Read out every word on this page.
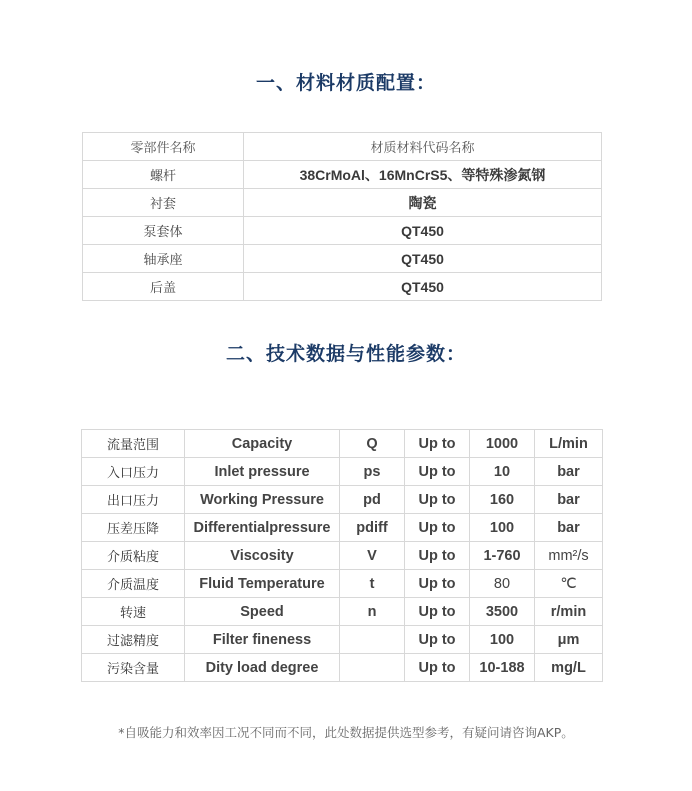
一、材料材质配置：
零部件名称	材质材料代码名称
螺杆	38CrMoAl、16MnCrS5、等特殊渗氮钢
衬套	陶瓷
泵套体	QT450
轴承座	QT450
后盖	QT450
二、技术数据与性能参数：
流量范围	Capacity	Q	Up to	1000	L/min
入口压力	Inlet pressure	ps	Up to	10	bar
出口压力	Working Pressure	pd	Up to	160	bar
压差压降	Differentialpressure	pdiff	Up to	100	bar
介质粘度	Viscosity	V	Up to	1-760	mm²/s
介质温度	Fluid Temperature	t	Up to	80	℃
转速	Speed	n	Up to	3500	r/min
过滤精度	Filter fineness		Up to	100	μm
污染含量	Dity load degree		Up to	10-188	mg/L
*自吸能力和效率因工况不同而不同，此处数据提供选型参考，有疑问请咨询AKP。
